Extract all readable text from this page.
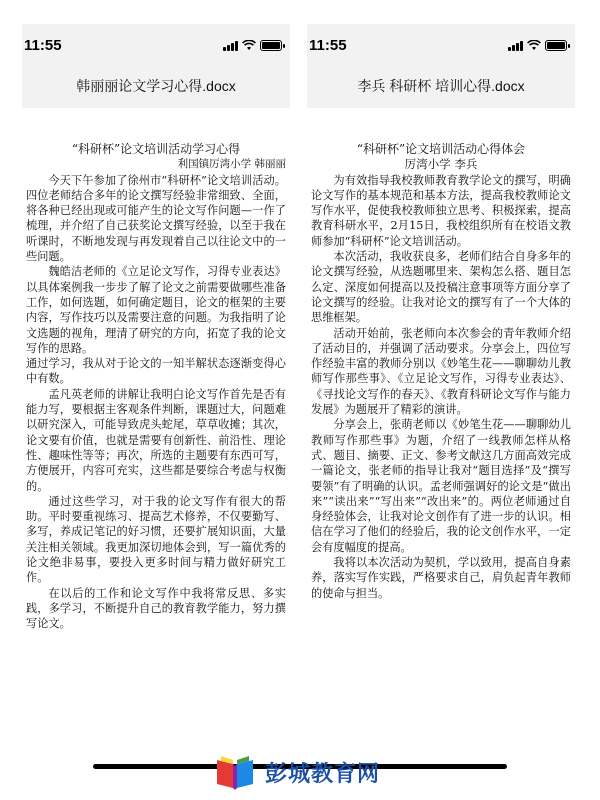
11:55
韩丽丽论文学习心得.docx
“科研杯”论文培训活动学习心得
利国镇厉湾小学 韩丽丽

今天下午参加了徐州市“科研杯”论文培训活动。四位老师结合多年的论文撰写经验非常细致、全面，将各种已经出现或可能产生的论文写作问题—一作了梳理，并介绍了自己获奖论文撰写经验，以至于我在听课时，不断地发现与再发现着自己以往论文中的一些问题。

魏皓洁老师的《立足论文写作，习得专业表达》以具体案例我一步步了解了论文之前需要做哪些准备工作，如何选题，如何确定题目，论文的框架的主要内容，写作技巧以及需要注意的问题。为我指明了论文选题的视角，理清了研究的方向，拓宽了我的论文写作的思路。

通过学习，我从对于论文的一知半解状态逐渐变得心中有数。

孟凡英老师的讲解让我明白论文写作首先是否有能力写，要根据主客观条件判断，课题过大，问题难以研究深入，可能导致虎头蛇尾，草草收摊；其次，论文要有价值，也就是需要有创新性、前沿性、理论性、趣味性等等；再次，所选的主题要有东西可写，方便展开，内容可充实，这些都是要综合考虑与权衡的。

通过这些学习，对于我的论文写作有很大的帮助。平时要重视练习、提高艺术修养，不仅要勤写、多写，养成记笔记的好习惯，还要扩展知识面，大量关注相关领域。我更加深切地体会到，写一篇优秀的论文绝非易事，要投入更多时间与精力做好研究工作。

在以后的工作和论文写作中我将常反思、多实践，多学习，不断提升自己的教育教学能力，努力撰写论文。

11:55
李兵 科研杯 培训心得.docx
“科研杯”论文培训活动心得体会
厉湾小学 李兵

为有效指导我校教师教育教学论文的撰写，明确论文写作的基本规范和基本方法，提高我校教师论文写作水平，促使我校教师独立思考、积极探索，提高教育科研水平，2月15日，我校组织所有在校语文教师参加“科研杯”论文培训活动。

本次活动，我收获良多，老师们结合自身多年的论文撰写经验，从选题哪里来、架构怎么搭、题目怎么定、深度如何提高以及投稿注意事项等方面分享了论文撰写的经验。让我对论文的撰写有了一个大体的思维框架。

活动开始前，张老师向本次参会的青年教师介绍了活动目的，并强调了活动要求。分享会上，四位写作经验丰富的教师分别以《妙笔生花——聊聊幼儿教师写作那些事》、《立足论文写作，习得专业表达》、《寻找论文写作的春天》、《教育科研论文写作与能力发展》为题展开了精彩的演讲。

分享会上，张萌老师以《妙笔生花——聊聊幼儿教师写作那些事》为题，介绍了一线教师怎样从格式、题目、摘要、正文、参考文献这几方面高效完成一篇论文，张老师的指导让我对“题目选择”及“撰写要领”有了明确的认识。孟老师强调好的论文是“做出来”“读出来”“写出来”“改出来”的。两位老师通过自身经验体会，让我对论文创作有了进一步的认识。相信在学习了他们的经验后，我的论文创作水平，一定会有度幅度的提高。

我将以本次活动为契机，学以致用，提高自身素养，落实写作实践，严格要求自己，肩负起青年教师的使命与担当。

彭城教育网
